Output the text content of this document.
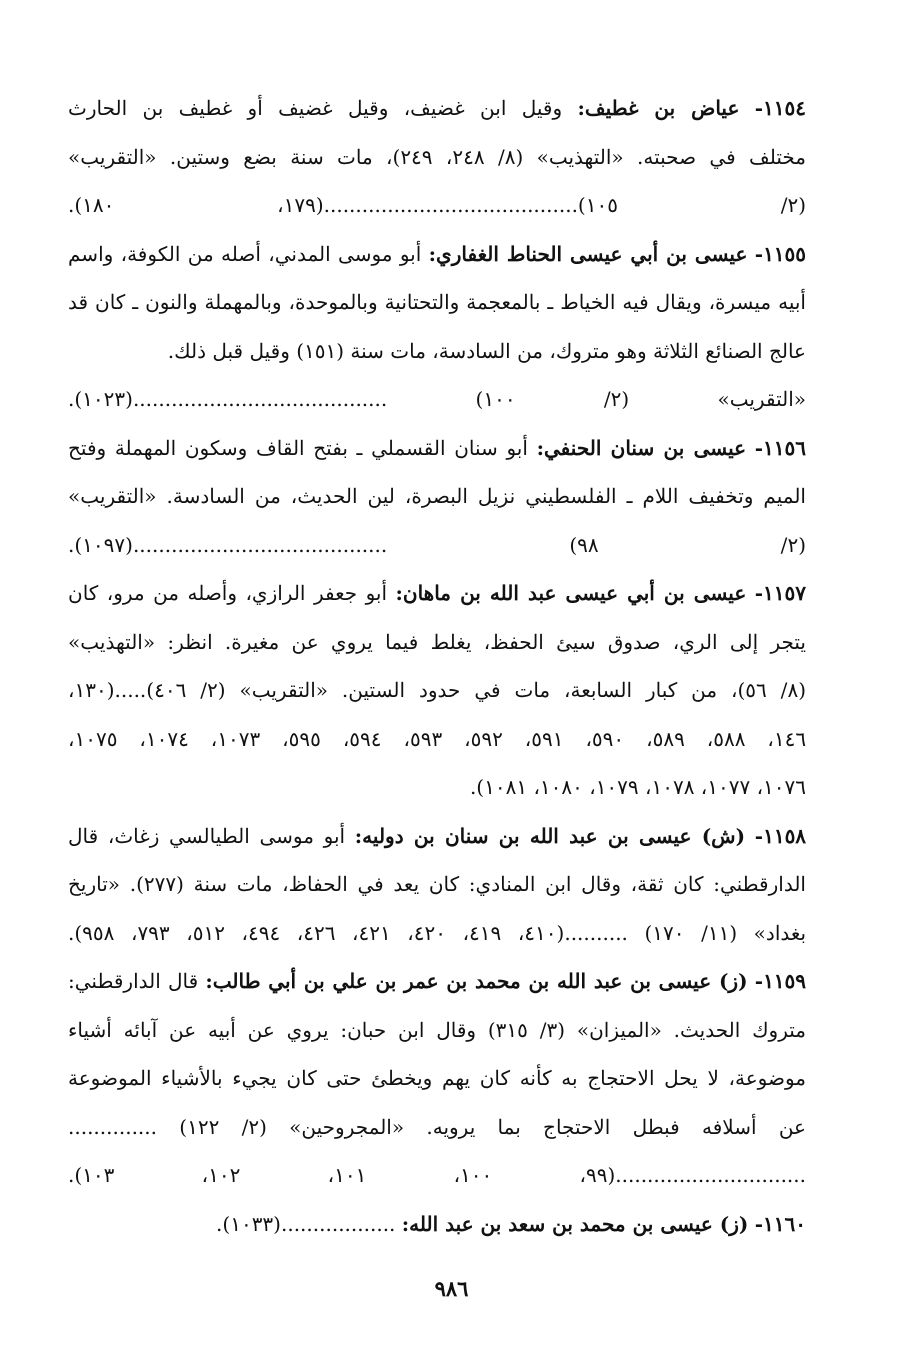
١١٥٤- عياض بن غطيف: وقيل ابن غضيف، وقيل غضيف أو غطيف بن الحارث
مختلف في صحبته. «التهذيب» (٨/ ٢٤٨، ٢٤٩)، مات سنة بضع وستين. «التقريب»
(٢/ ١٠٥)........................................(١٧٩، ١٨٠).
١١٥٥- عيسى بن أبي عيسى الحناط الغفاري: أبو موسى المدني، أصله من الكوفة، واسم
أبيه ميسرة، ويقال فيه الخياط ـ بالمعجمة والتحتانية وبالموحدة، وبالمهملة والنون ـ كان قد
عالج الصنائع الثلاثة وهو متروك، من السادسة، مات سنة (١٥١) وقيل قبل ذلك.
«التقريب» (٢/ ١٠٠) ........................................(١٠٢٣).
١١٥٦- عيسى بن سنان الحنفي: أبو سنان القسملي ـ بفتح القاف وسكون المهملة وفتح
الميم وتخفيف اللام ـ الفلسطيني نزيل البصرة، لين الحديث، من السادسة. «التقريب»
(٢/ ٩٨) ........................................(١٠٩٧).
١١٥٧- عيسى بن أبي عيسى عبد الله بن ماهان: أبو جعفر الرازي، وأصله من مرو، كان
يتجر إلى الري، صدوق سيئ الحفظ، يغلط فيما يروي عن مغيرة. انظر: «التهذيب»
(٨/ ٥٦)، من كبار السابعة، مات في حدود الستين. «التقريب» (٢/ ٤٠٦).....(١٣٠،
١٤٦، ٥٨٨، ٥٨٩، ٥٩٠، ٥٩١، ٥٩٢، ٥٩٣، ٥٩٤، ٥٩٥، ١٠٧٣، ١٠٧٤، ١٠٧٥،
١٠٧٦، ١٠٧٧، ١٠٧٨، ١٠٧٩، ١٠٨٠، ١٠٨١).
١١٥٨- (ش) عيسى بن عبد الله بن سنان بن دوليه: أبو موسى الطيالسي زغاث، قال
الدارقطني: كان ثقة، وقال ابن المنادي: كان يعد في الحفاظ، مات سنة (٢٧٧). «تاريخ
بغداد» (١١/ ١٧٠) ..........(٤١٠، ٤١٩، ٤٢٠، ٤٢١، ٤٢٦، ٤٩٤، ٥١٢، ٧٩٣، ٩٥٨).
١١٥٩- (ز) عيسى بن عبد الله بن محمد بن عمر بن علي بن أبي طالب: قال الدارقطني:
متروك الحديث. «الميزان» (٣/ ٣١٥) وقال ابن حبان: يروي عن أبيه عن آبائه أشياء
موضوعة، لا يحل الاحتجاج به كأنه كان يهم ويخطئ حتى كان يجيء بالأشياء الموضوعة
عن أسلافه فبطل الاحتجاج بما يرويه. «المجروحين» (٢/ ١٢٢) ..............
..............................(٩٩، ١٠٠، ١٠١، ١٠٢، ١٠٣).
١١٦٠- (ز) عيسى بن محمد بن سعد بن عبد الله: ..................(١٠٣٣).
٩٨٦
